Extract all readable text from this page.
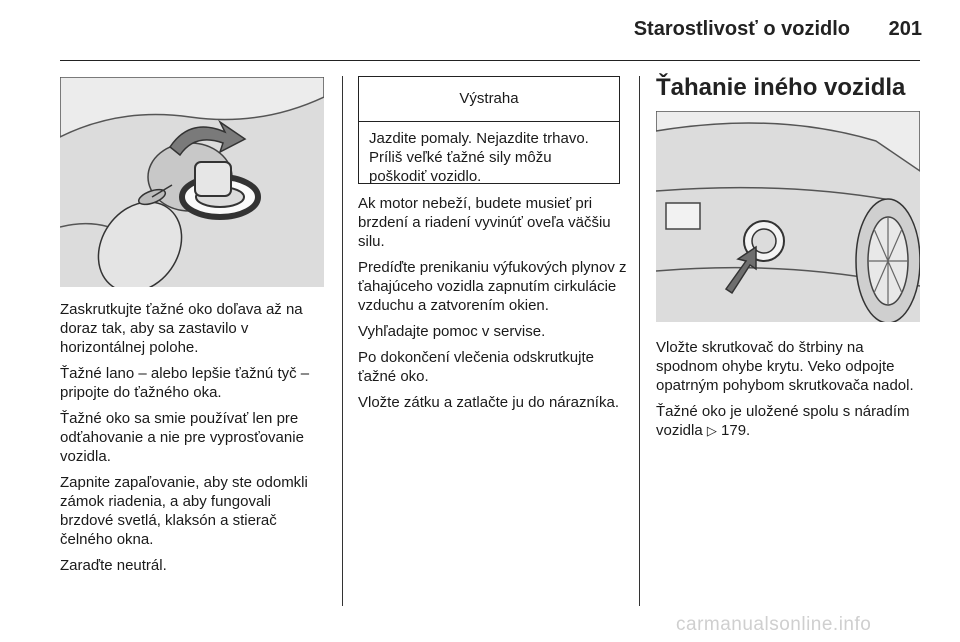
Starostlivosť o vozidlo	201

Zaskrutkujte ťažné oko doľava až na doraz tak, aby sa zastavilo v horizontálnej polohe.

Ťažné lano – alebo lepšie ťažnú tyč – pripojte do ťažného oka.

Ťažné oko sa smie používať len pre odťahovanie a nie pre vyprosťovanie vozidla.

Zapnite zapaľovanie, aby ste odomkli zámok riadenia, a aby fungovali brzdové svetlá, klaksón a stierač čelného okna.

Zaraďte neutrál.

Výstraha
Jazdite pomaly. Nejazdite trhavo. Príliš veľké ťažné sily môžu poškodiť vozidlo.

Ak motor nebeží, budete musieť pri brzdení a riadení vyvinúť oveľa väčšiu silu.

Predíďte prenikaniu výfukových plynov z ťahajúceho vozidla zapnutím cirkulácie vzduchu a zatvorením okien.

Vyhľadajte pomoc v servise.

Po dokončení vlečenia odskrutkujte ťažné oko.

Vložte zátku a zatlačte ju do nárazníka.

Ťahanie iného vozidla

Vložte skrutkovač do štrbiny na spodnom ohybe krytu. Veko odpojte opatrným pohybom skrutkovača nadol.

Ťažné oko je uložené spolu s náradím vozidla ▷ 179.

carmanualsonline.info
